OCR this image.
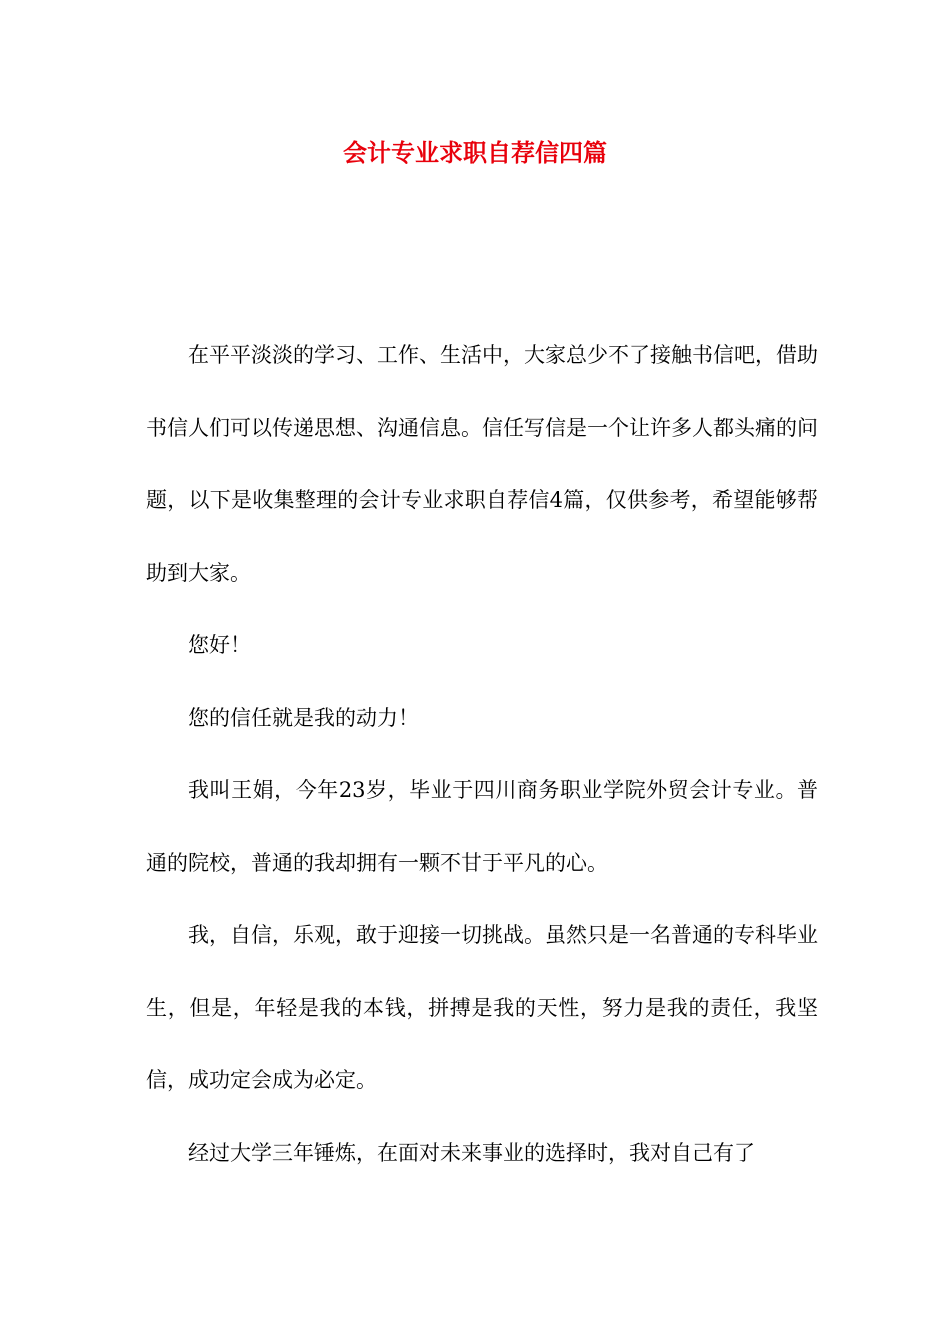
会计专业求职自荐信四篇

在平平淡淡的学习、工作、生活中，大家总少不了接触书信吧，借助书信人们可以传递思想、沟通信息。信任写信是一个让许多人都头痛的问题，以下是收集整理的会计专业求职自荐信4篇，仅供参考，希望能够帮助到大家。

您好！

您的信任就是我的动力！

我叫王娟，今年23岁，毕业于四川商务职业学院外贸会计专业。普通的院校，普通的我却拥有一颗不甘于平凡的心。

我，自信，乐观，敢于迎接一切挑战。虽然只是一名普通的专科毕业生，但是，年轻是我的本钱，拼搏是我的天性，努力是我的责任，我坚信，成功定会成为必定。

经过大学三年锤炼，在面对未来事业的选择时，我对自己有了
